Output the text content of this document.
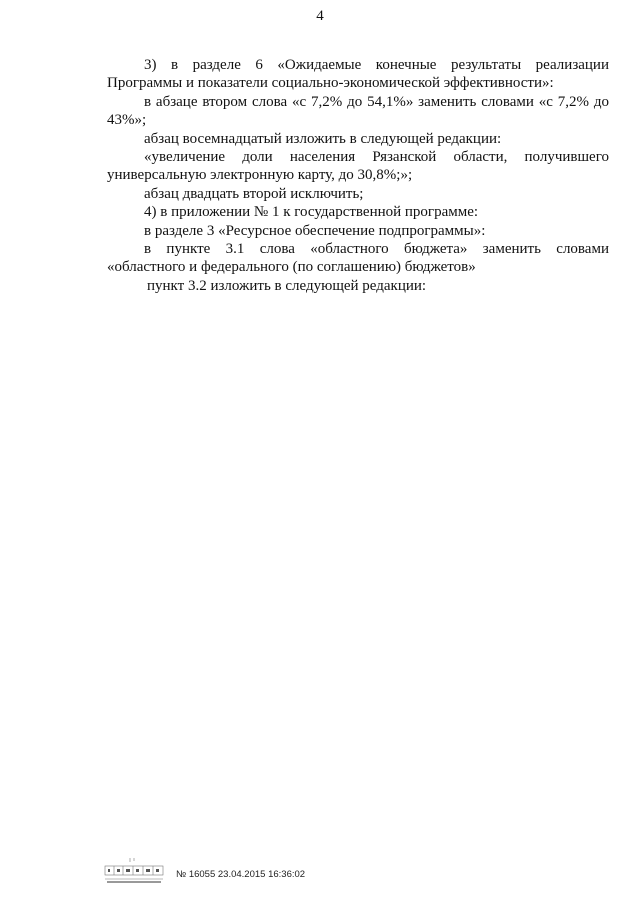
4

3) в разделе 6 «Ожидаемые конечные результаты реализации Программы и показатели социально-экономической эффективности»:

в абзаце втором слова «с 7,2% до 54,1%» заменить словами «с 7,2% до 43%»;

абзац восемнадцатый изложить в следующей редакции:

«увеличение доли населения Рязанской области, получившего универсальную электронную карту, до 30,8%;»;

абзац двадцать второй исключить;

4) в приложении № 1 к государственной программе:

в разделе 3 «Ресурсное обеспечение подпрограммы»:

в пункте 3.1 слова «областного бюджета» заменить словами «областного и федерального (по соглашению) бюджетов»

пункт 3.2 изложить в следующей редакции:

№ 16055 23.04.2015 16:36:02
